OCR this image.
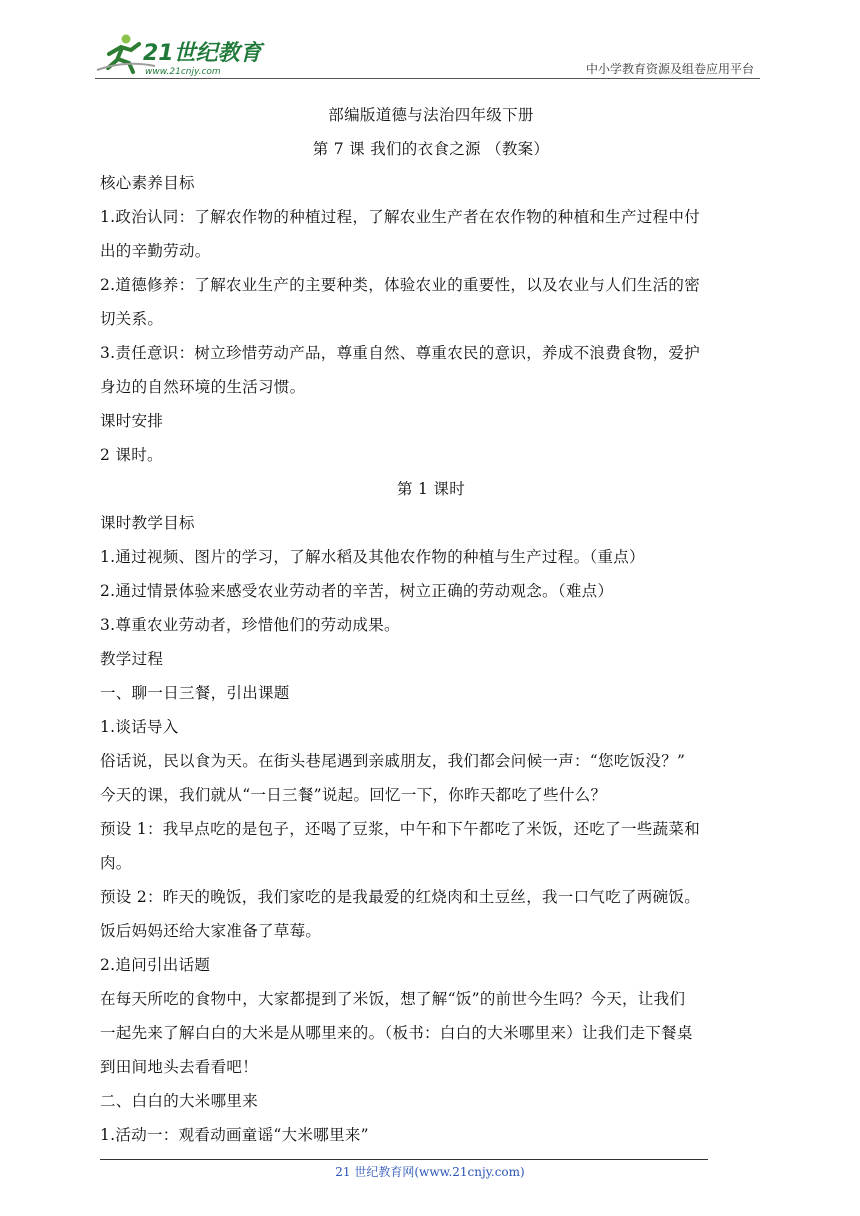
21世纪教育
www.21cnjy.com	中小学教育资源及组卷应用平台

部编版道德与法治四年级下册

第 7 课 我们的衣食之源 （教案）

核心素养目标

1.政治认同：了解农作物的种植过程，了解农业生产者在农作物的种植和生产过程中付

出的辛勤劳动。

2.道德修养：了解农业生产的主要种类，体验农业的重要性，以及农业与人们生活的密

切关系。

3.责任意识：树立珍惜劳动产品，尊重自然、尊重农民的意识，养成不浪费食物，爱护

身边的自然环境的生活习惯。

课时安排

2 课时。

第 1 课时

课时教学目标

1.通过视频、图片的学习，了解水稻及其他农作物的种植与生产过程。（重点）

2.通过情景体验来感受农业劳动者的辛苦，树立正确的劳动观念。（难点）

3.尊重农业劳动者，珍惜他们的劳动成果。

教学过程

一、聊一日三餐，引出课题

1.谈话导入

俗话说，民以食为天。在街头巷尾遇到亲戚朋友，我们都会问候一声：“您吃饭没？”

今天的课，我们就从“一日三餐”说起。回忆一下，你昨天都吃了些什么？

预设 1：我早点吃的是包子，还喝了豆浆，中午和下午都吃了米饭，还吃了一些蔬菜和

肉。

预设 2：昨天的晚饭，我们家吃的是我最爱的红烧肉和土豆丝，我一口气吃了两碗饭。

饭后妈妈还给大家准备了草莓。

2.追问引出话题

在每天所吃的食物中，大家都提到了米饭，想了解“饭”的前世今生吗？今天，让我们

一起先来了解白白的大米是从哪里来的。（板书：白白的大米哪里来）让我们走下餐桌

到田间地头去看看吧！

二、白白的大米哪里来

1.活动一：观看动画童谣“大米哪里来”

21 世纪教育网(www.21cnjy.com)
